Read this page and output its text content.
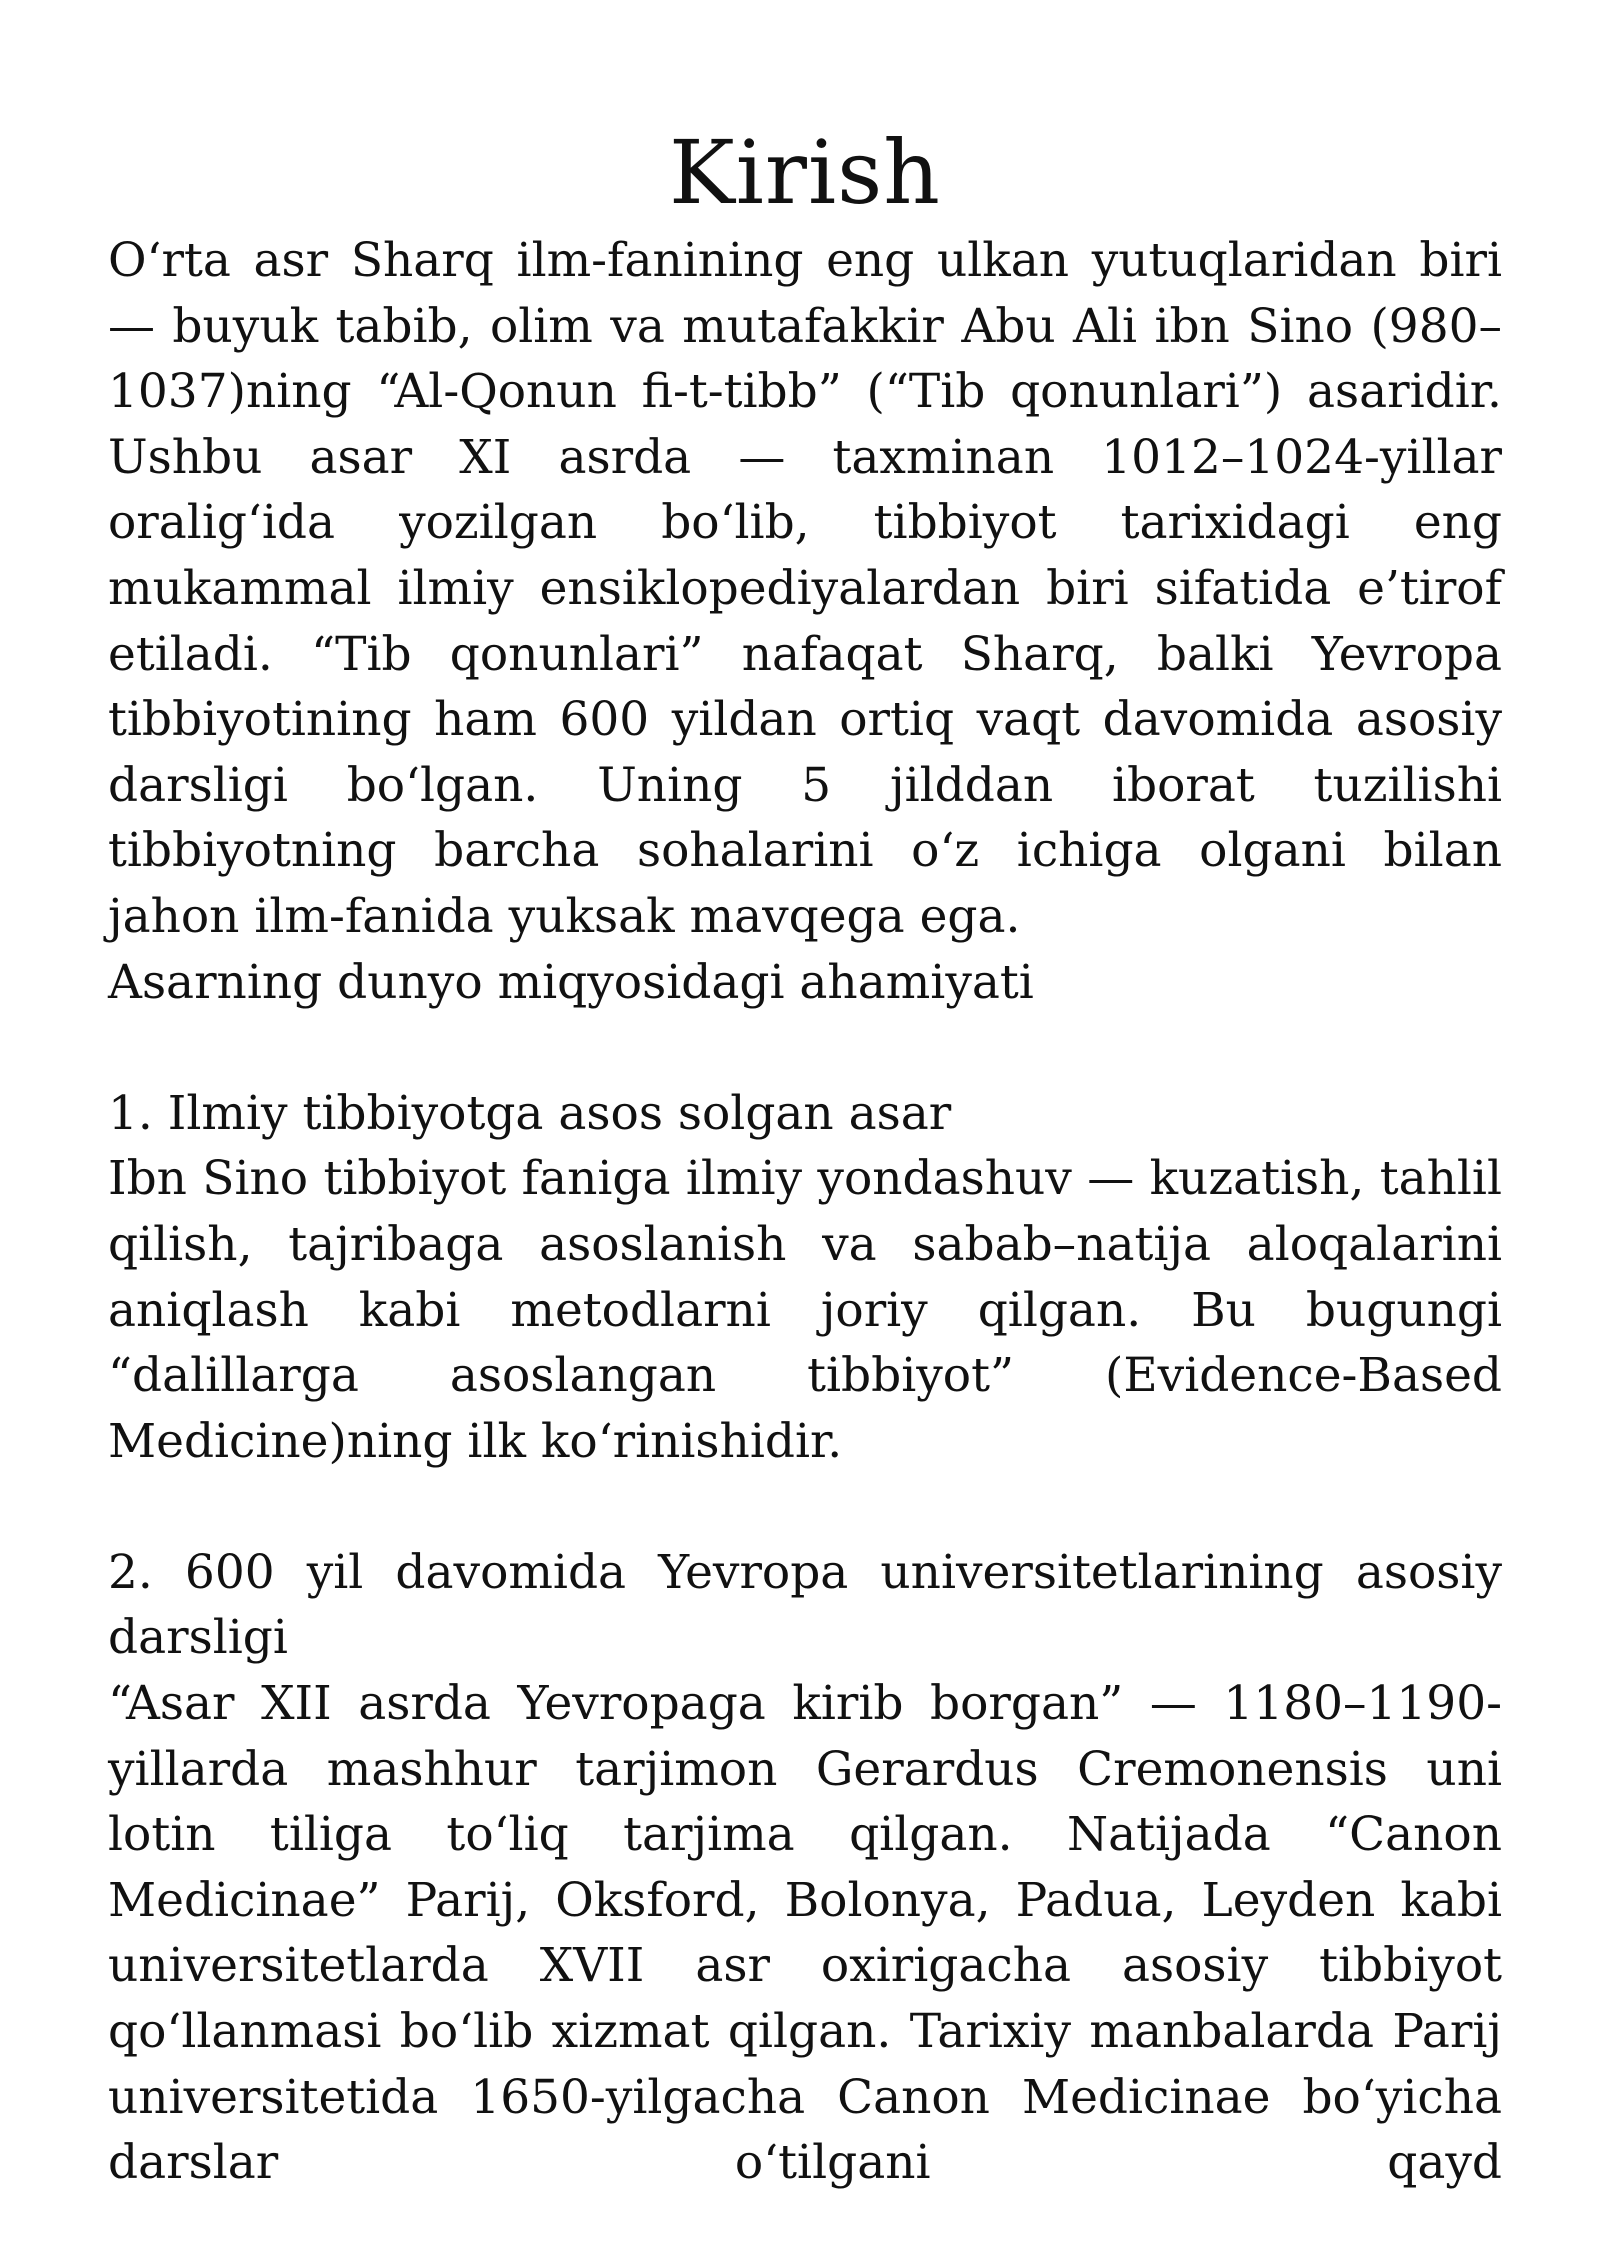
Kirish

O‘rta asr Sharq ilm-fanining eng ulkan yutuqlaridan biri — buyuk tabib, olim va mutafakkir Abu Ali ibn Sino (980–1037)ning “Al-Qonun fi-t-tibb” (“Tib qonunlari”) asaridir. Ushbu asar XI asrda — taxminan 1012–1024-yillar oralig‘ida yozilgan bo‘lib, tibbiyot tarixidagi eng mukammal ilmiy ensiklopediyalardan biri sifatida e’tirof etiladi. “Tib qonunlari” nafaqat Sharq, balki Yevropa tibbiyotining ham 600 yildan ortiq vaqt davomida asosiy darsligi bo‘lgan. Uning 5 jilddan iborat tuzilishi tibbiyotning barcha sohalarini o‘z ichiga olgani bilan jahon ilm-fanida yuksak mavqega ega.

Asarning dunyo miqyosidagi ahamiyati

1. Ilmiy tibbiyotga asos solgan asar

Ibn Sino tibbiyot faniga ilmiy yondashuv — kuzatish, tahlil qilish, tajribaga asoslanish va sabab–natija aloqalarini aniqlash kabi metodlarni joriy qilgan. Bu bugungi “dalillarga asoslangan tibbiyot” (Evidence-Based Medicine)ning ilk ko‘rinishidir.

2. 600 yil davomida Yevropa universitetlarining asosiy darsligi

“Asar XII asrda Yevropaga kirib borgan” — 1180–1190-yillarda mashhur tarjimon Gerardus Cremonensis uni lotin tiliga to‘liq tarjima qilgan. Natijada “Canon Medicinae” Parij, Oksford, Bolonya, Padua, Leyden kabi universitetlarda XVII asr oxirigacha asosiy tibbiyot qo‘llanmasi bo‘lib xizmat qilgan. Tarixiy manbalarda Parij universitetida 1650-yilgacha Canon Medicinae bo‘yicha darslar o‘tilgani qayd
